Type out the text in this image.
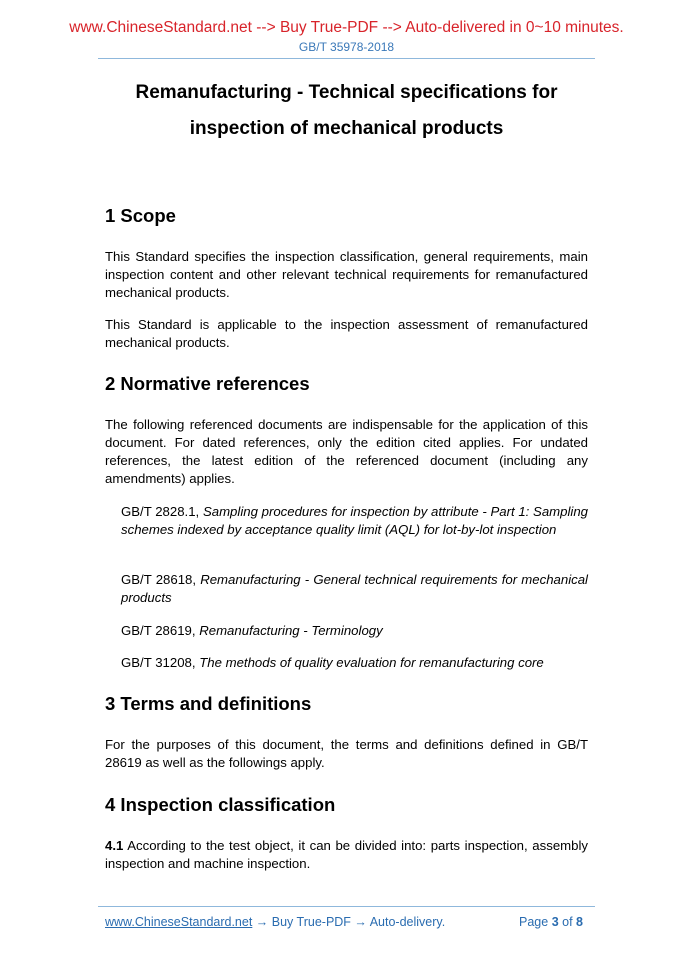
www.ChineseStandard.net --> Buy True-PDF --> Auto-delivered in 0~10 minutes.
GB/T 35978-2018
Remanufacturing - Technical specifications for
inspection of mechanical products
1 Scope

This Standard specifies the inspection classification, general requirements, main inspection content and other relevant technical requirements for remanufactured mechanical products.

This Standard is applicable to the inspection assessment of remanufactured mechanical products.

2 Normative references

The following referenced documents are indispensable for the application of this document. For dated references, only the edition cited applies. For undated references, the latest edition of the referenced document (including any amendments) applies.

GB/T 2828.1, Sampling procedures for inspection by attribute - Part 1: Sampling schemes indexed by acceptance quality limit (AQL) for lot-by-lot inspection

GB/T 28618, Remanufacturing - General technical requirements for mechanical products

GB/T 28619, Remanufacturing - Terminology

GB/T 31208, The methods of quality evaluation for remanufacturing core

3 Terms and definitions

For the purposes of this document, the terms and definitions defined in GB/T 28619 as well as the followings apply.

4 Inspection classification

4.1 According to the test object, it can be divided into: parts inspection, assembly inspection and machine inspection.

www.ChineseStandard.net → Buy True-PDF → Auto-delivery.	Page 3 of 8
